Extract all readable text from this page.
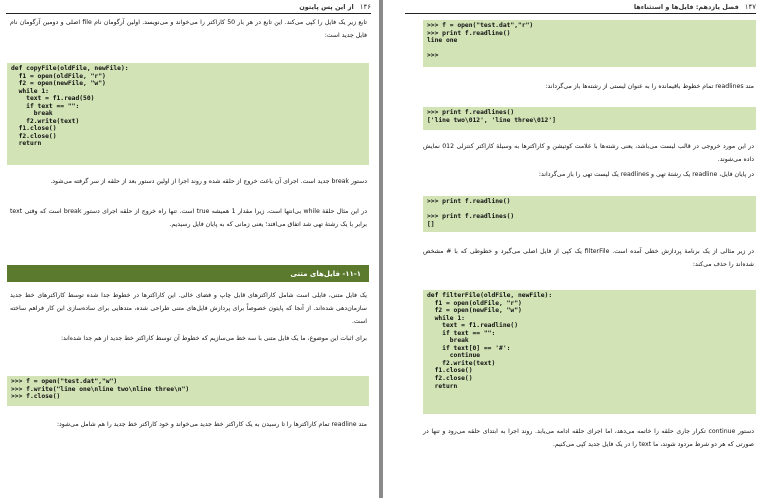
۱۴۶
از این پس پایتون
تابع زیر یک فایل را کپی می‌کند. این تابع در هر بار 50 کاراکتر را می‌خواند و می‌نویسد. اولین آرگومان نام file اصلی و دومین آرگومان نام فایل جدید است:
def copyFile(oldFile, newFile):
f1 = open(oldFile, "r")
f2 = open(newFile, "w")
while 1:
text = f1.read(50)
if text == "":
break
f2.write(text)
f1.close()
f2.close()
return
دستور break جدید است. اجرای آن باعث خروج از حلقه شده و روند اجرا از اولین دستور بعد از حلقه از سر گرفته می‌شود.
در این مثال حلقهٔ while بی‌انتها است، زیرا مقدار 1 همیشه true است. تنها راه خروج از حلقه اجرای دستور break است که وقتی text برابر با یک رشتهٔ تهی شد اتفاق می‌افتد؛ یعنی زمانی که به پایان فایل رسیدیم.
۱۱-۱- فایل‌های متنی
یک فایل متنی، فایلی است شامل کاراکترهای قابل چاپ و فضای خالی. این کاراکترها در خطوط جدا شده توسط کاراکترهای خط جدید سازمان‌دهی شده‌اند. از آنجا که پایتون خصوصاً برای پردازش فایل‌های متنی طراحی شده، متدهایی برای ساده‌سازی این کار فراهم ساخته است.
برای اثبات این موضوع، ما یک فایل متنی با سه خط می‌سازیم که خطوط آن توسط کاراکتر خط جدید از هم جدا شده‌اند:
>>> f = open("test.dat","w")
>>> f.write("line one\nline two\nline three\n")
>>> f.close()
متد readline تمام کاراکترها را تا رسیدن به یک کاراکتر خط جدید می‌خواند و خود کاراکتر خط جدید را هم شامل می‌شود:
۱۴۷
فصل یازدهم: فایل‌ها و استثناءها
>>> f = open("test.dat","r")
>>> print f.readline()
line one

>>>
متد readlines تمام خطوط باقیمانده را به عنوان لیستی از رشته‌ها باز می‌گرداند:
>>> print f.readlines()
['line two\012', 'line three\012']
در این مورد خروجی در قالب لیست می‌باشد، یعنی رشته‌ها با علامت کوتیشن و کاراکترها به وسیلهٔ کاراکتر کنترلی 012 نمایش داده می‌شوند.
در پایان فایل، readline یک رشتهٔ تهی و readlines یک لیست تهی را باز می‌گرداند:
>>> print f.readline()

>>> print f.readlines()
[]
در زیر مثالی از یک برنامهٔ پردازش خطی آمده است. filterFile یک کپی از فایل اصلی می‌گیرد و خطوطی که با # مشخص شده‌اند را حذف می‌کند:
def filterFile(oldFile, newFile):
f1 = open(oldFile, "r")
f2 = open(newFile, "w")
while 1:
text = f1.readline()
if text == "":
break
if text[0] == '#':
continue
f2.write(text)
f1.close()
f2.close()
return
دستور continue تکرار جاری حلقه را خاتمه می‌دهد، اما اجرای حلقه ادامه می‌یابد. روند اجرا به ابتدای حلقه می‌رود و تنها در صورتی که هر دو شرط مردود شوند، ما text را در یک فایل جدید کپی می‌کنیم.
